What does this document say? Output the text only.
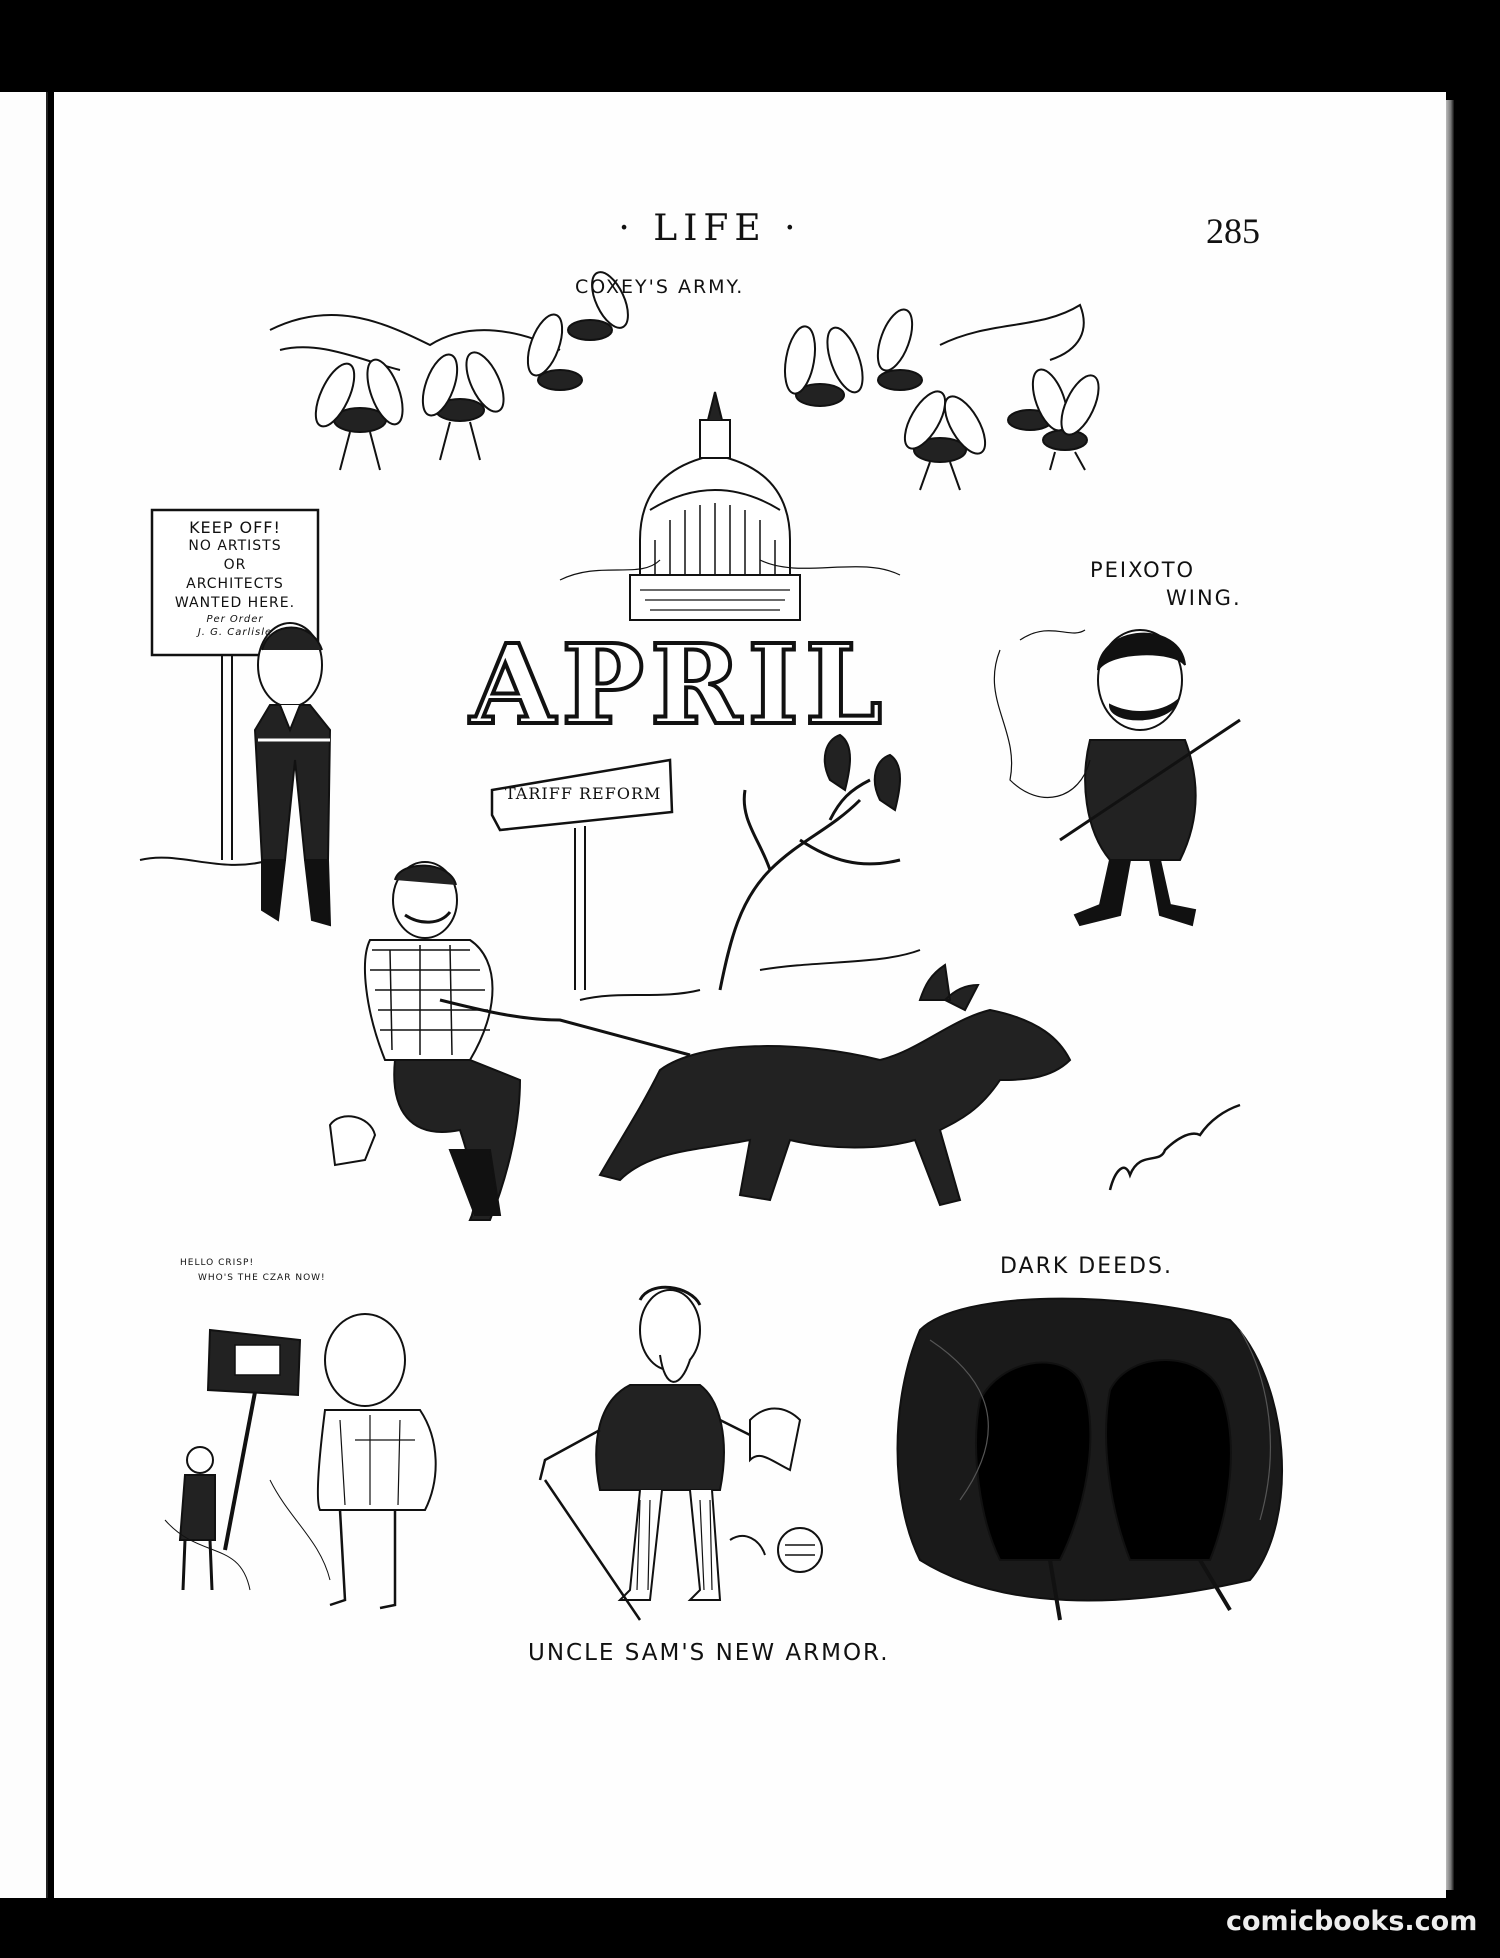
· LIFE ·	285
COXEY'S ARMY.
PEIXOTO
WING.
DARK DEEDS.
UNCLE SAM'S NEW ARMOR.
HELLO CRISP!
WHO'S THE CZAR NOW!
KEEP OFF!
NO ARTISTS
OR
ARCHITECTS
WANTED HERE.
Per Order
J. G. Carlisle
TARIFF REFORM
APRIL
comicbooks.com
